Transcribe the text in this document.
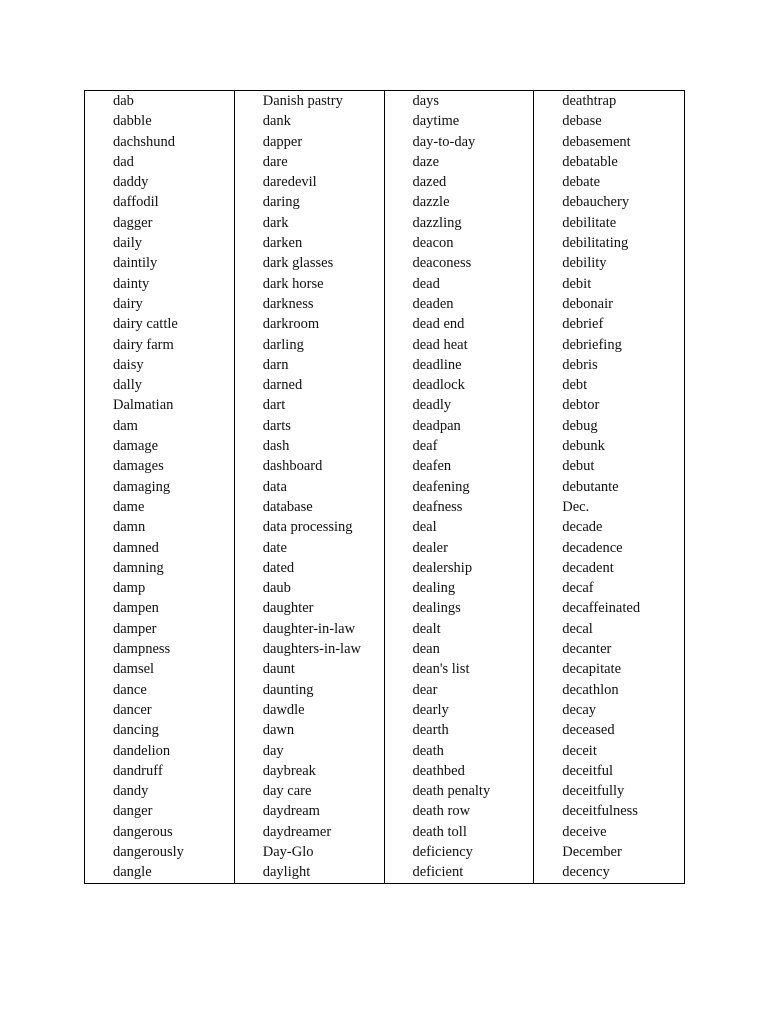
dab
dabble
dachshund
dad
daddy
daffodil
dagger
daily
daintily
dainty
dairy
dairy cattle
dairy farm
daisy
dally
Dalmatian
dam
damage
damages
damaging
dame
damn
damned
damning
damp
dampen
damper
dampness
damsel
dance
dancer
dancing
dandelion
dandruff
dandy
danger
dangerous
dangerously
dangle
Danish pastry
dank
dapper
dare
daredevil
daring
dark
darken
dark glasses
dark horse
darkness
darkroom
darling
darn
darned
dart
darts
dash
dashboard
data
database
data processing
date
dated
daub
daughter
daughter-in-law
daughters-in-law
daunt
daunting
dawdle
dawn
day
daybreak
day care
daydream
daydreamer
Day-Glo
daylight
days
daytime
day-to-day
daze
dazed
dazzle
dazzling
deacon
deaconess
dead
deaden
dead end
dead heat
deadline
deadlock
deadly
deadpan
deaf
deafen
deafening
deafness
deal
dealer
dealership
dealing
dealings
dealt
dean
dean's list
dear
dearly
dearth
death
deathbed
death penalty
death row
death toll
deficiency
deficient
deathtrap
debase
debasement
debatable
debate
debauchery
debilitate
debilitating
debility
debit
debonair
debrief
debriefing
debris
debt
debtor
debug
debunk
debut
debutante
Dec.
decade
decadence
decadent
decaf
decaffeinated
decal
decanter
decapitate
decathlon
decay
deceased
deceit
deceitful
deceitfully
deceitfulness
deceive
December
decency
